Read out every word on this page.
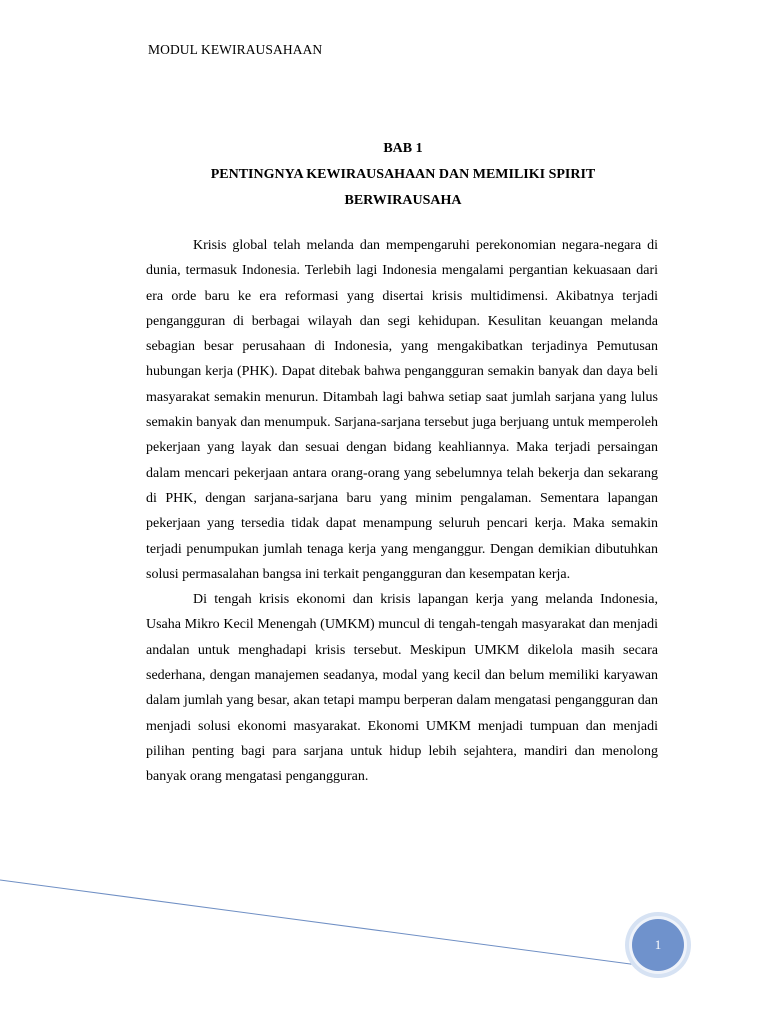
MODUL KEWIRAUSAHAAN
BAB 1
PENTINGNYA KEWIRAUSAHAAN DAN MEMILIKI SPIRIT
BERWIRAUSAHA

Krisis global telah melanda dan mempengaruhi perekonomian negara-negara di dunia, termasuk Indonesia. Terlebih lagi Indonesia mengalami pergantian kekuasaan dari era orde baru ke era reformasi yang disertai krisis multidimensi. Akibatnya terjadi pengangguran di berbagai wilayah dan segi kehidupan. Kesulitan keuangan melanda sebagian besar perusahaan di Indonesia, yang mengakibatkan terjadinya Pemutusan hubungan kerja (PHK). Dapat ditebak bahwa pengangguran semakin banyak dan daya beli masyarakat semakin menurun. Ditambah lagi bahwa setiap saat jumlah sarjana yang lulus semakin banyak dan menumpuk. Sarjana-sarjana tersebut juga berjuang untuk memperoleh pekerjaan yang layak dan sesuai dengan bidang keahliannya. Maka terjadi persaingan dalam mencari pekerjaan antara orang-orang yang sebelumnya telah bekerja dan sekarang di PHK, dengan sarjana-sarjana baru yang minim pengalaman. Sementara lapangan pekerjaan yang tersedia tidak dapat menampung seluruh pencari kerja. Maka semakin terjadi penumpukan jumlah tenaga kerja yang menganggur. Dengan demikian dibutuhkan solusi permasalahan bangsa ini terkait pengangguran dan kesempatan kerja.

Di tengah krisis ekonomi dan krisis lapangan kerja yang melanda Indonesia, Usaha Mikro Kecil Menengah (UMKM) muncul di tengah-tengah masyarakat dan menjadi andalan untuk menghadapi krisis tersebut. Meskipun UMKM dikelola masih secara sederhana, dengan manajemen seadanya, modal yang kecil dan belum memiliki karyawan dalam jumlah yang besar, akan tetapi mampu berperan dalam mengatasi pengangguran dan menjadi solusi ekonomi masyarakat. Ekonomi UMKM menjadi tumpuan dan menjadi pilihan penting bagi para sarjana untuk hidup lebih sejahtera, mandiri dan menolong banyak orang mengatasi pengangguran.

1
